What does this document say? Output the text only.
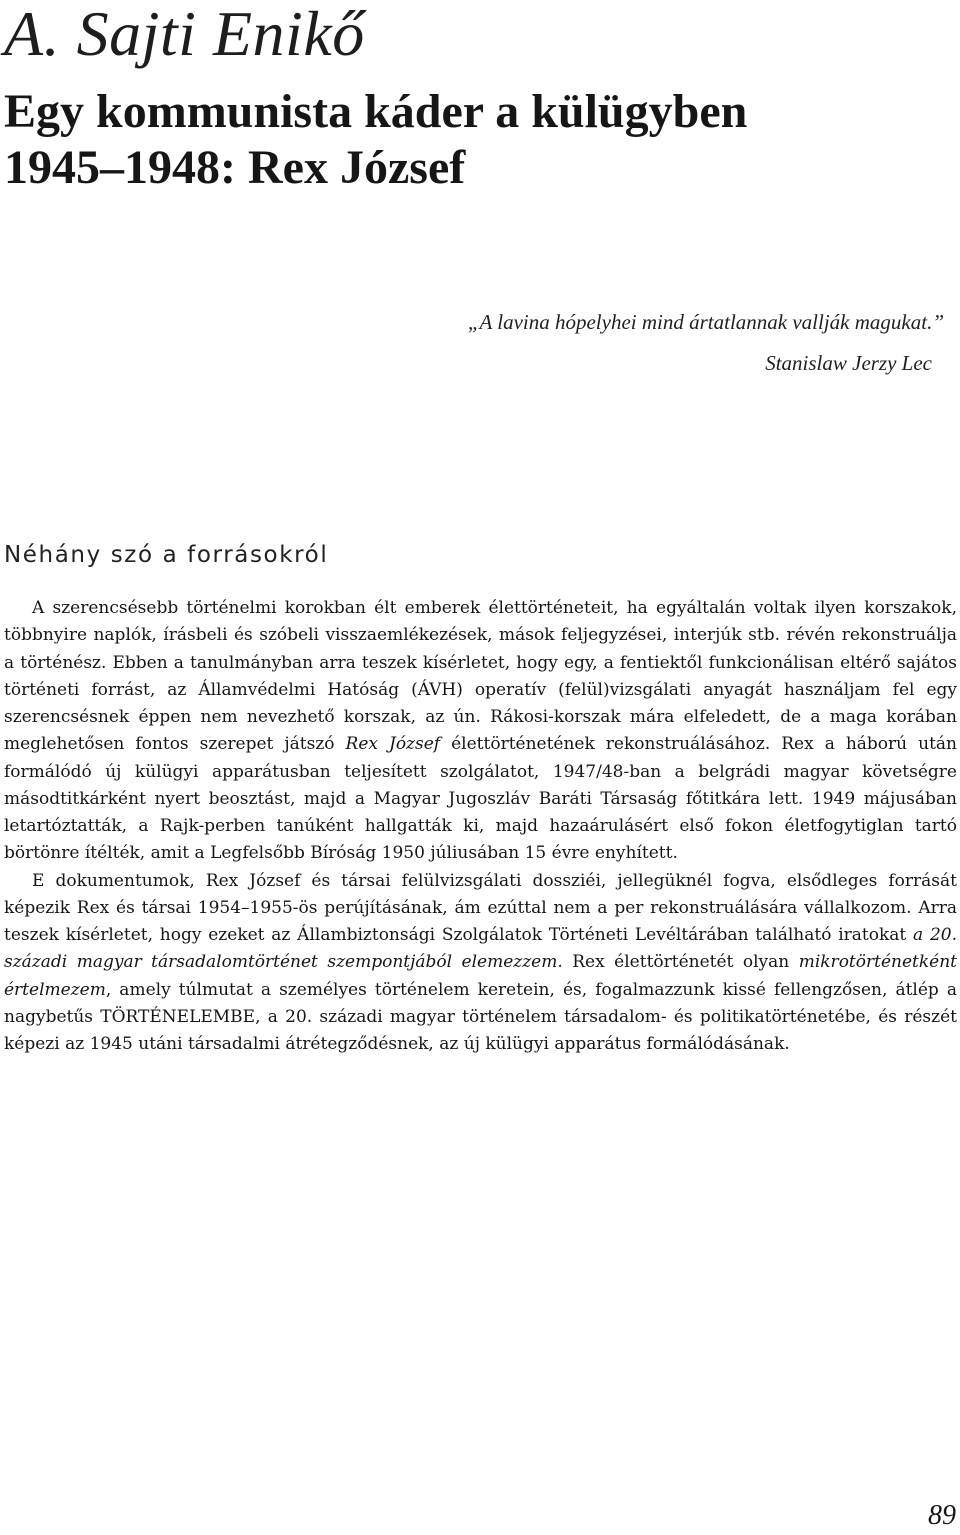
A. Sajti Enikő
Egy kommunista káder a külügyben
1945–1948: Rex József
„A lavina hópelyhei mind ártatlannak vallják magukat.”
Stanislaw Jerzy Lec
Néhány szó a forrásokról

A szerencsésebb történelmi korokban élt emberek élettörténeteit, ha egyáltalán voltak ilyen korszakok, többnyire naplók, írásbeli és szóbeli visszaemlékezések, mások feljegyzései, interjúk stb. révén rekonstruálja a történész. Ebben a tanulmányban arra teszek kísérletet, hogy egy, a fentiektől funkcionálisan eltérő sajátos történeti forrást, az Államvédelmi Hatóság (ÁVH) operatív (felül)vizsgálati anyagát használjam fel egy szerencsésnek éppen nem nevezhető korszak, az ún. Rákosi-korszak mára elfeledett, de a maga korában meglehetősen fontos szerepet játszó Rex József élettörténetének rekonstruálásához. Rex a háború után formálódó új külügyi apparátusban teljesített szolgálatot, 1947/48-ban a belgrádi magyar követségre másodtitkárként nyert beosztást, majd a Magyar Jugoszláv Baráti Társaság főtitkára lett. 1949 májusában letartóztatták, a Rajk-perben tanúként hallgatták ki, majd hazaárulásért első fokon életfogytiglan tartó börtönre ítélték, amit a Legfelsőbb Bíróság 1950 júliusában 15 évre enyhített.

E dokumentumok, Rex József és társai felülvizsgálati dossziéi, jellegüknél fogva, elsődleges forrását képezik Rex és társai 1954–1955-ös perújításának, ám ezúttal nem a per rekonstruálására vállalkozom. Arra teszek kísérletet, hogy ezeket az Állambiztonsági Szolgálatok Történeti Levéltárában található iratokat a 20. századi magyar társadalomtörténet szempontjából elemezzem. Rex élettörténetét olyan mikrotörténetként értelmezem, amely túlmutat a személyes történelem keretein, és, fogalmazzunk kissé fellengzősen, átlép a nagybetűs TÖRTÉNELEMBE, a 20. századi magyar történelem társadalom- és politikatörténetébe, és részét képezi az 1945 utáni társadalmi átrétegződésnek, az új külügyi apparátus formálódásának.

89
